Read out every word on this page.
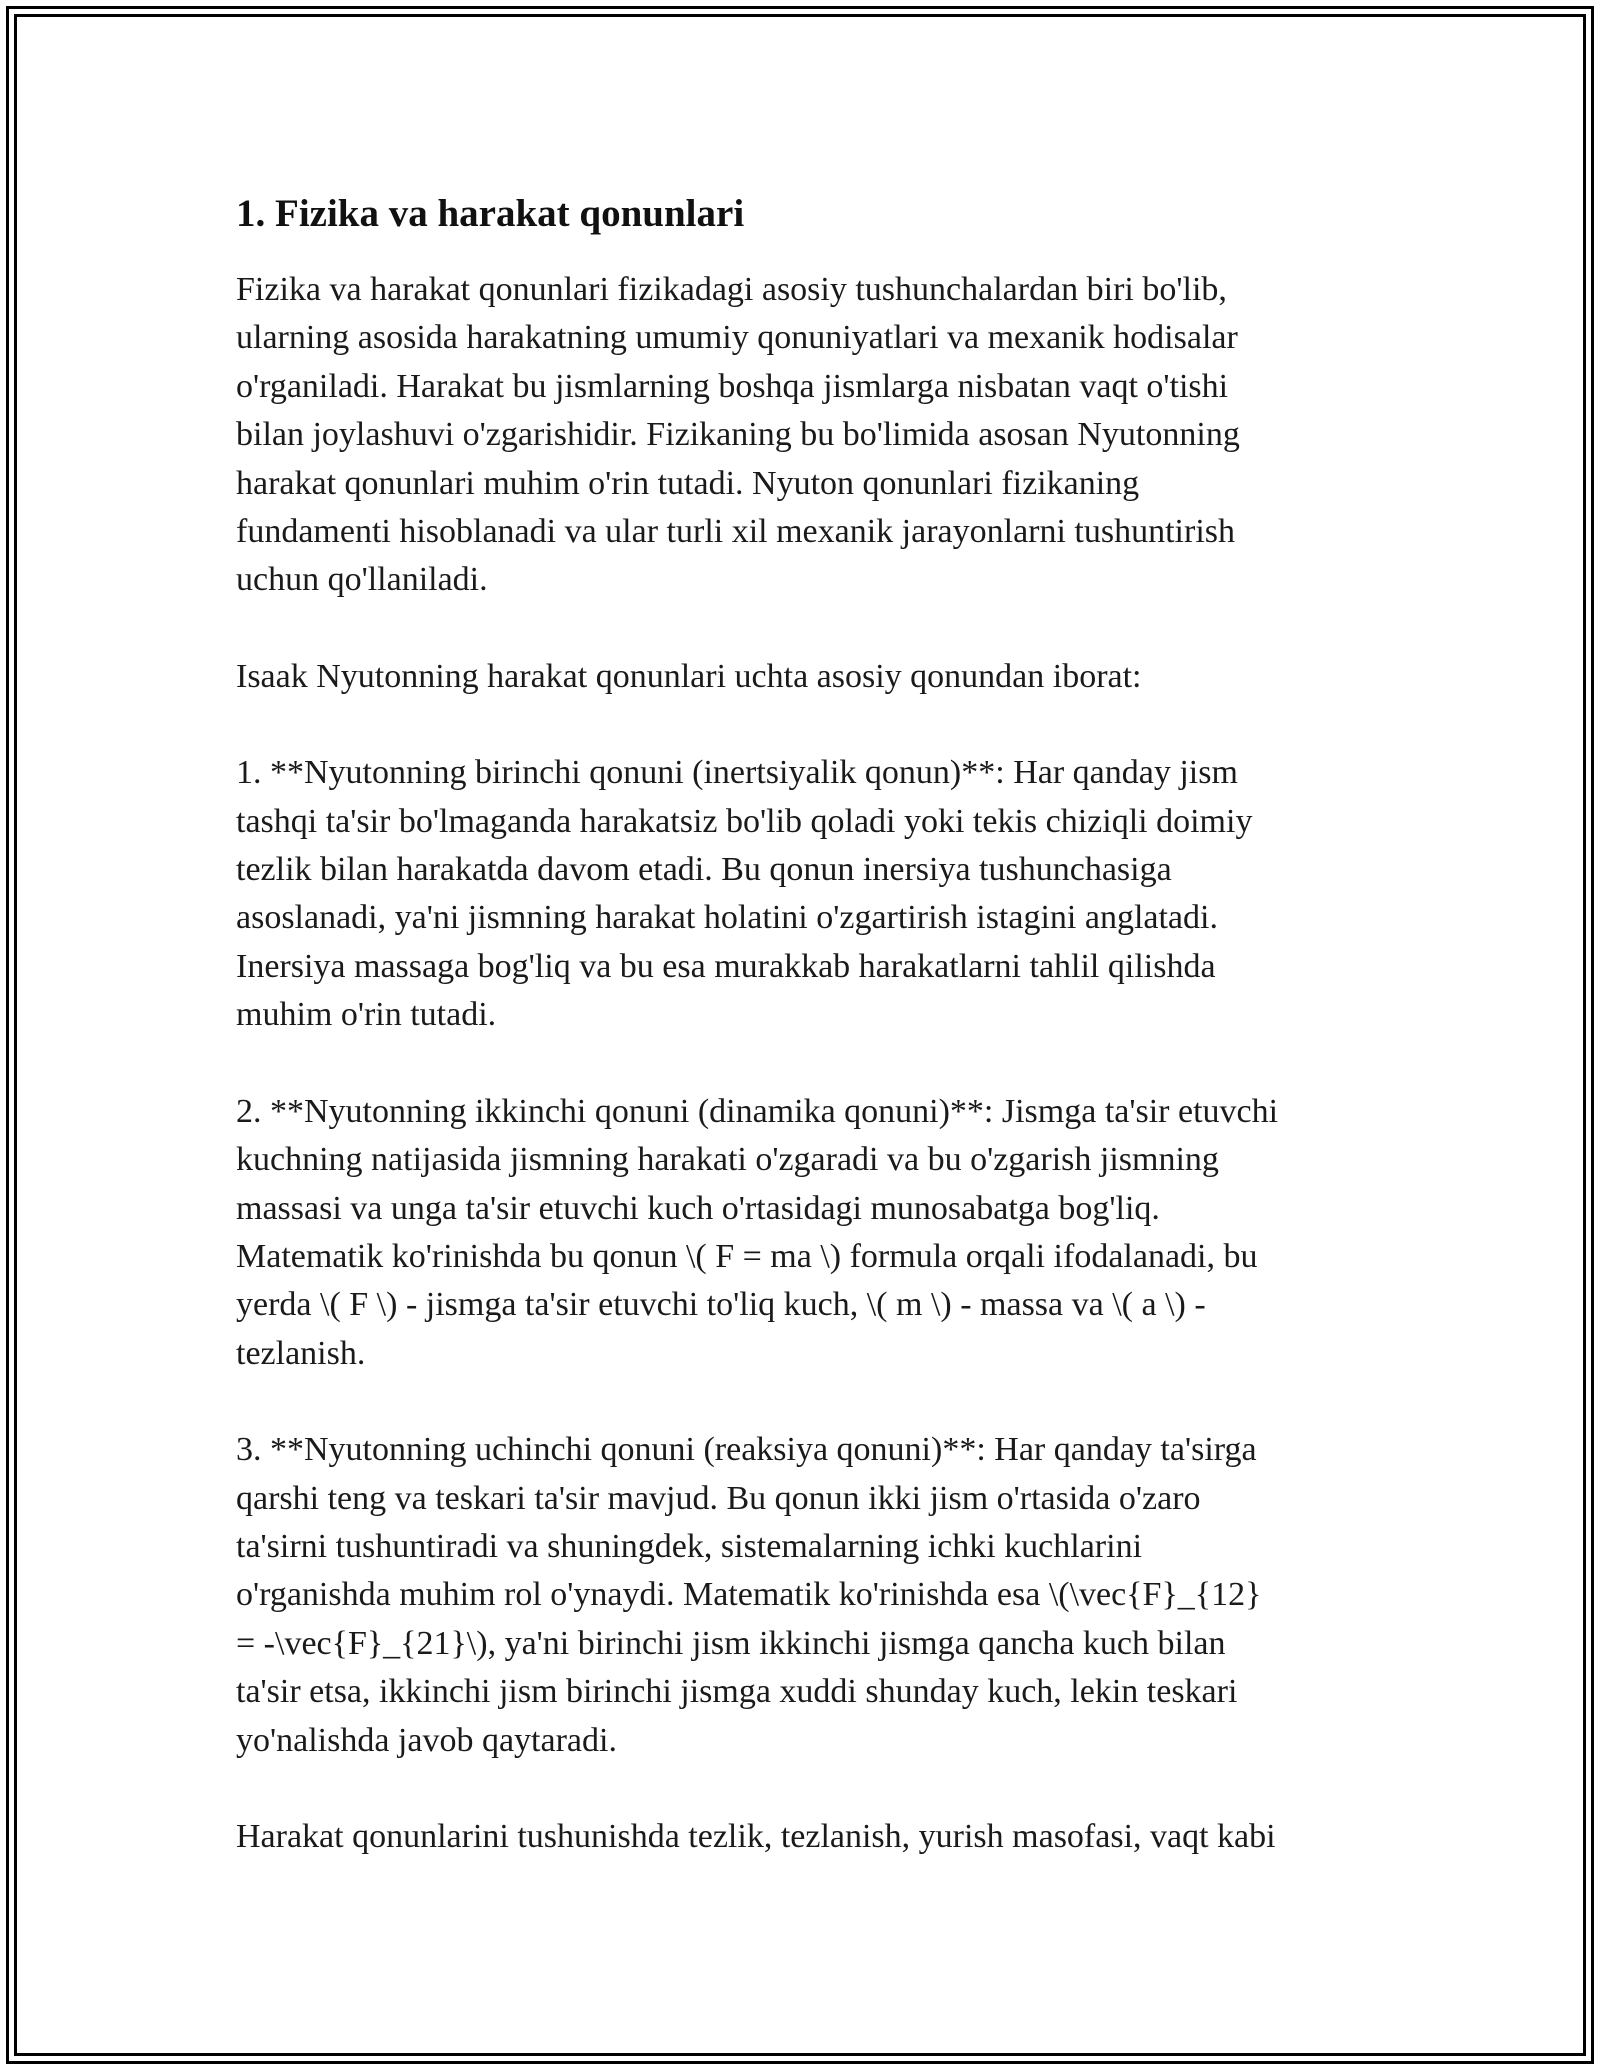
1. Fizika va harakat qonunlari

Fizika va harakat qonunlari fizikadagi asosiy tushunchalardan biri bo'lib,
ularning asosida harakatning umumiy qonuniyatlari va mexanik hodisalar
o'rganiladi. Harakat bu jismlarning boshqa jismlarga nisbatan vaqt o'tishi
bilan joylashuvi o'zgarishidir. Fizikaning bu bo'limida asosan Nyutonning
harakat qonunlari muhim o'rin tutadi. Nyuton qonunlari fizikaning
fundamenti hisoblanadi va ular turli xil mexanik jarayonlarni tushuntirish
uchun qo'llaniladi.

Isaak Nyutonning harakat qonunlari uchta asosiy qonundan iborat:

1. **Nyutonning birinchi qonuni (inertsiyalik qonun)**: Har qanday jism
tashqi ta'sir bo'lmaganda harakatsiz bo'lib qoladi yoki tekis chiziqli doimiy
tezlik bilan harakatda davom etadi. Bu qonun inersiya tushunchasiga
asoslanadi, ya'ni jismning harakat holatini o'zgartirish istagini anglatadi.
Inersiya massaga bog'liq va bu esa murakkab harakatlarni tahlil qilishda
muhim o'rin tutadi.

2. **Nyutonning ikkinchi qonuni (dinamika qonuni)**: Jismga ta'sir etuvchi
kuchning natijasida jismning harakati o'zgaradi va bu o'zgarish jismning
massasi va unga ta'sir etuvchi kuch o'rtasidagi munosabatga bog'liq.
Matematik ko'rinishda bu qonun \( F = ma \) formula orqali ifodalanadi, bu
yerda \( F \) - jismga ta'sir etuvchi to'liq kuch, \( m \) - massa va \( a \) -
tezlanish.

3. **Nyutonning uchinchi qonuni (reaksiya qonuni)**: Har qanday ta'sirga
qarshi teng va teskari ta'sir mavjud. Bu qonun ikki jism o'rtasida o'zaro
ta'sirni tushuntiradi va shuningdek, sistemalarning ichki kuchlarini
o'rganishda muhim rol o'ynaydi. Matematik ko'rinishda esa \(\vec{F}_{12}
= -\vec{F}_{21}\), ya'ni birinchi jism ikkinchi jismga qancha kuch bilan
ta'sir etsa, ikkinchi jism birinchi jismga xuddi shunday kuch, lekin teskari
yo'nalishda javob qaytaradi.

Harakat qonunlarini tushunishda tezlik, tezlanish, yurish masofasi, vaqt kabi
